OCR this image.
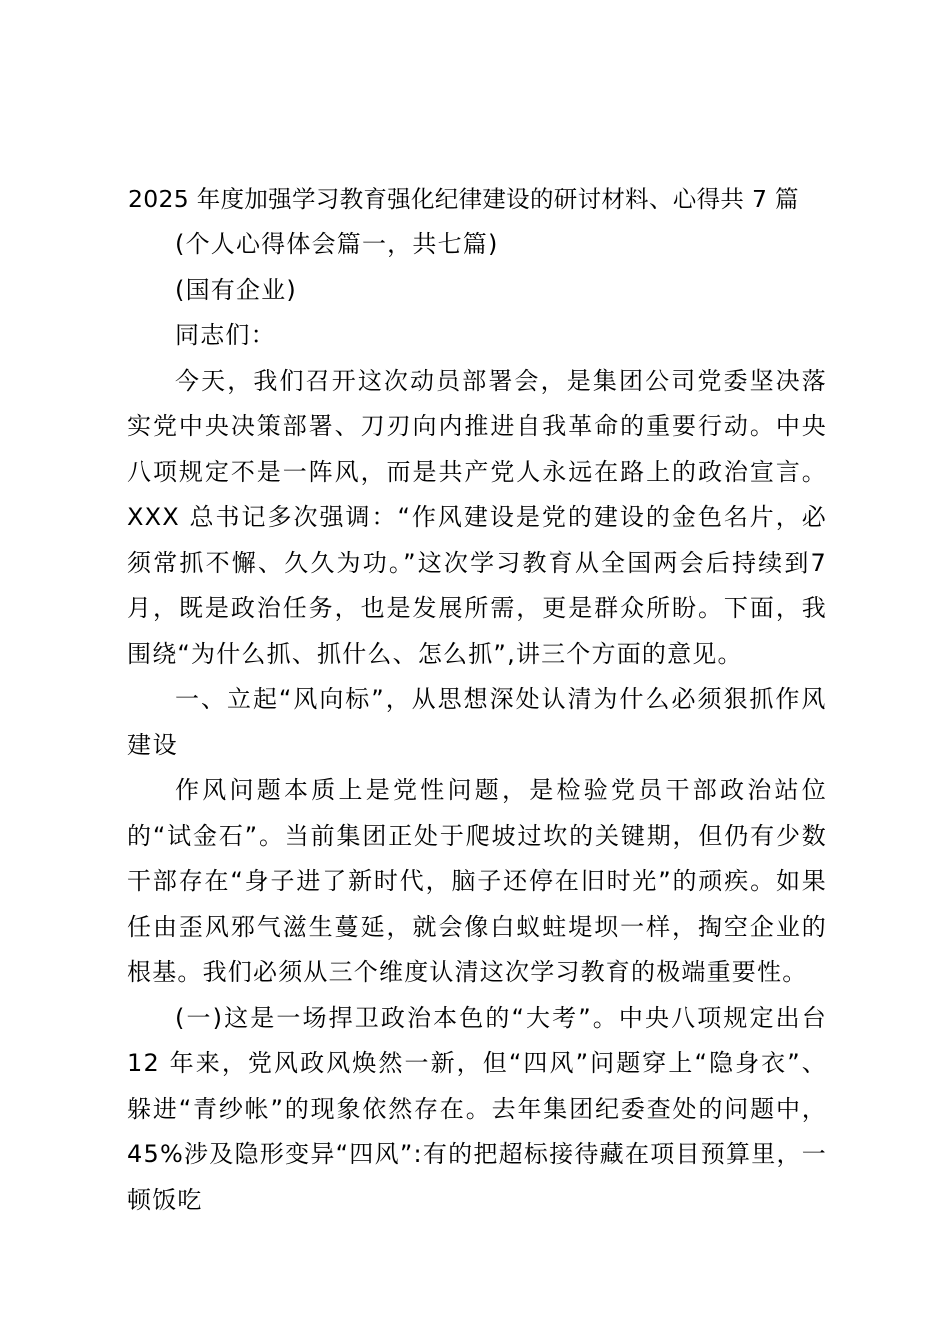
2025 年度加强学习教育强化纪律建设的研讨材料、心得共 7 篇

(个人心得体会篇一，共七篇)

(国有企业)

同志们：

今天，我们召开这次动员部署会，是集团公司党委坚决落实党中央决策部署、刀刃向内推进自我革命的重要行动。中央八项规定不是一阵风，而是共产党人永远在路上的政治宣言。XXX 总书记多次强调：“作风建设是党的建设的金色名片，必须常抓不懈、久久为功。”这次学习教育从全国两会后持续到7 月，既是政治任务，也是发展所需，更是群众所盼。下面，我围绕“为什么抓、抓什么、怎么抓”,讲三个方面的意见。

一、立起“风向标”，从思想深处认清为什么必须狠抓作风建设

作风问题本质上是党性问题，是检验党员干部政治站位的“试金石”。当前集团正处于爬坡过坎的关键期，但仍有少数干部存在“身子进了新时代，脑子还停在旧时光”的顽疾。如果任由歪风邪气滋生蔓延，就会像白蚁蛀堤坝一样，掏空企业的根基。我们必须从三个维度认清这次学习教育的极端重要性。

(一)这是一场捍卫政治本色的“大考”。中央八项规定出台12 年来，党风政风焕然一新，但“四风”问题穿上“隐身衣”、躲进“青纱帐”的现象依然存在。去年集团纪委查处的问题中，45%涉及隐形变异“四风”:有的把超标接待藏在项目预算里，一顿饭吃
